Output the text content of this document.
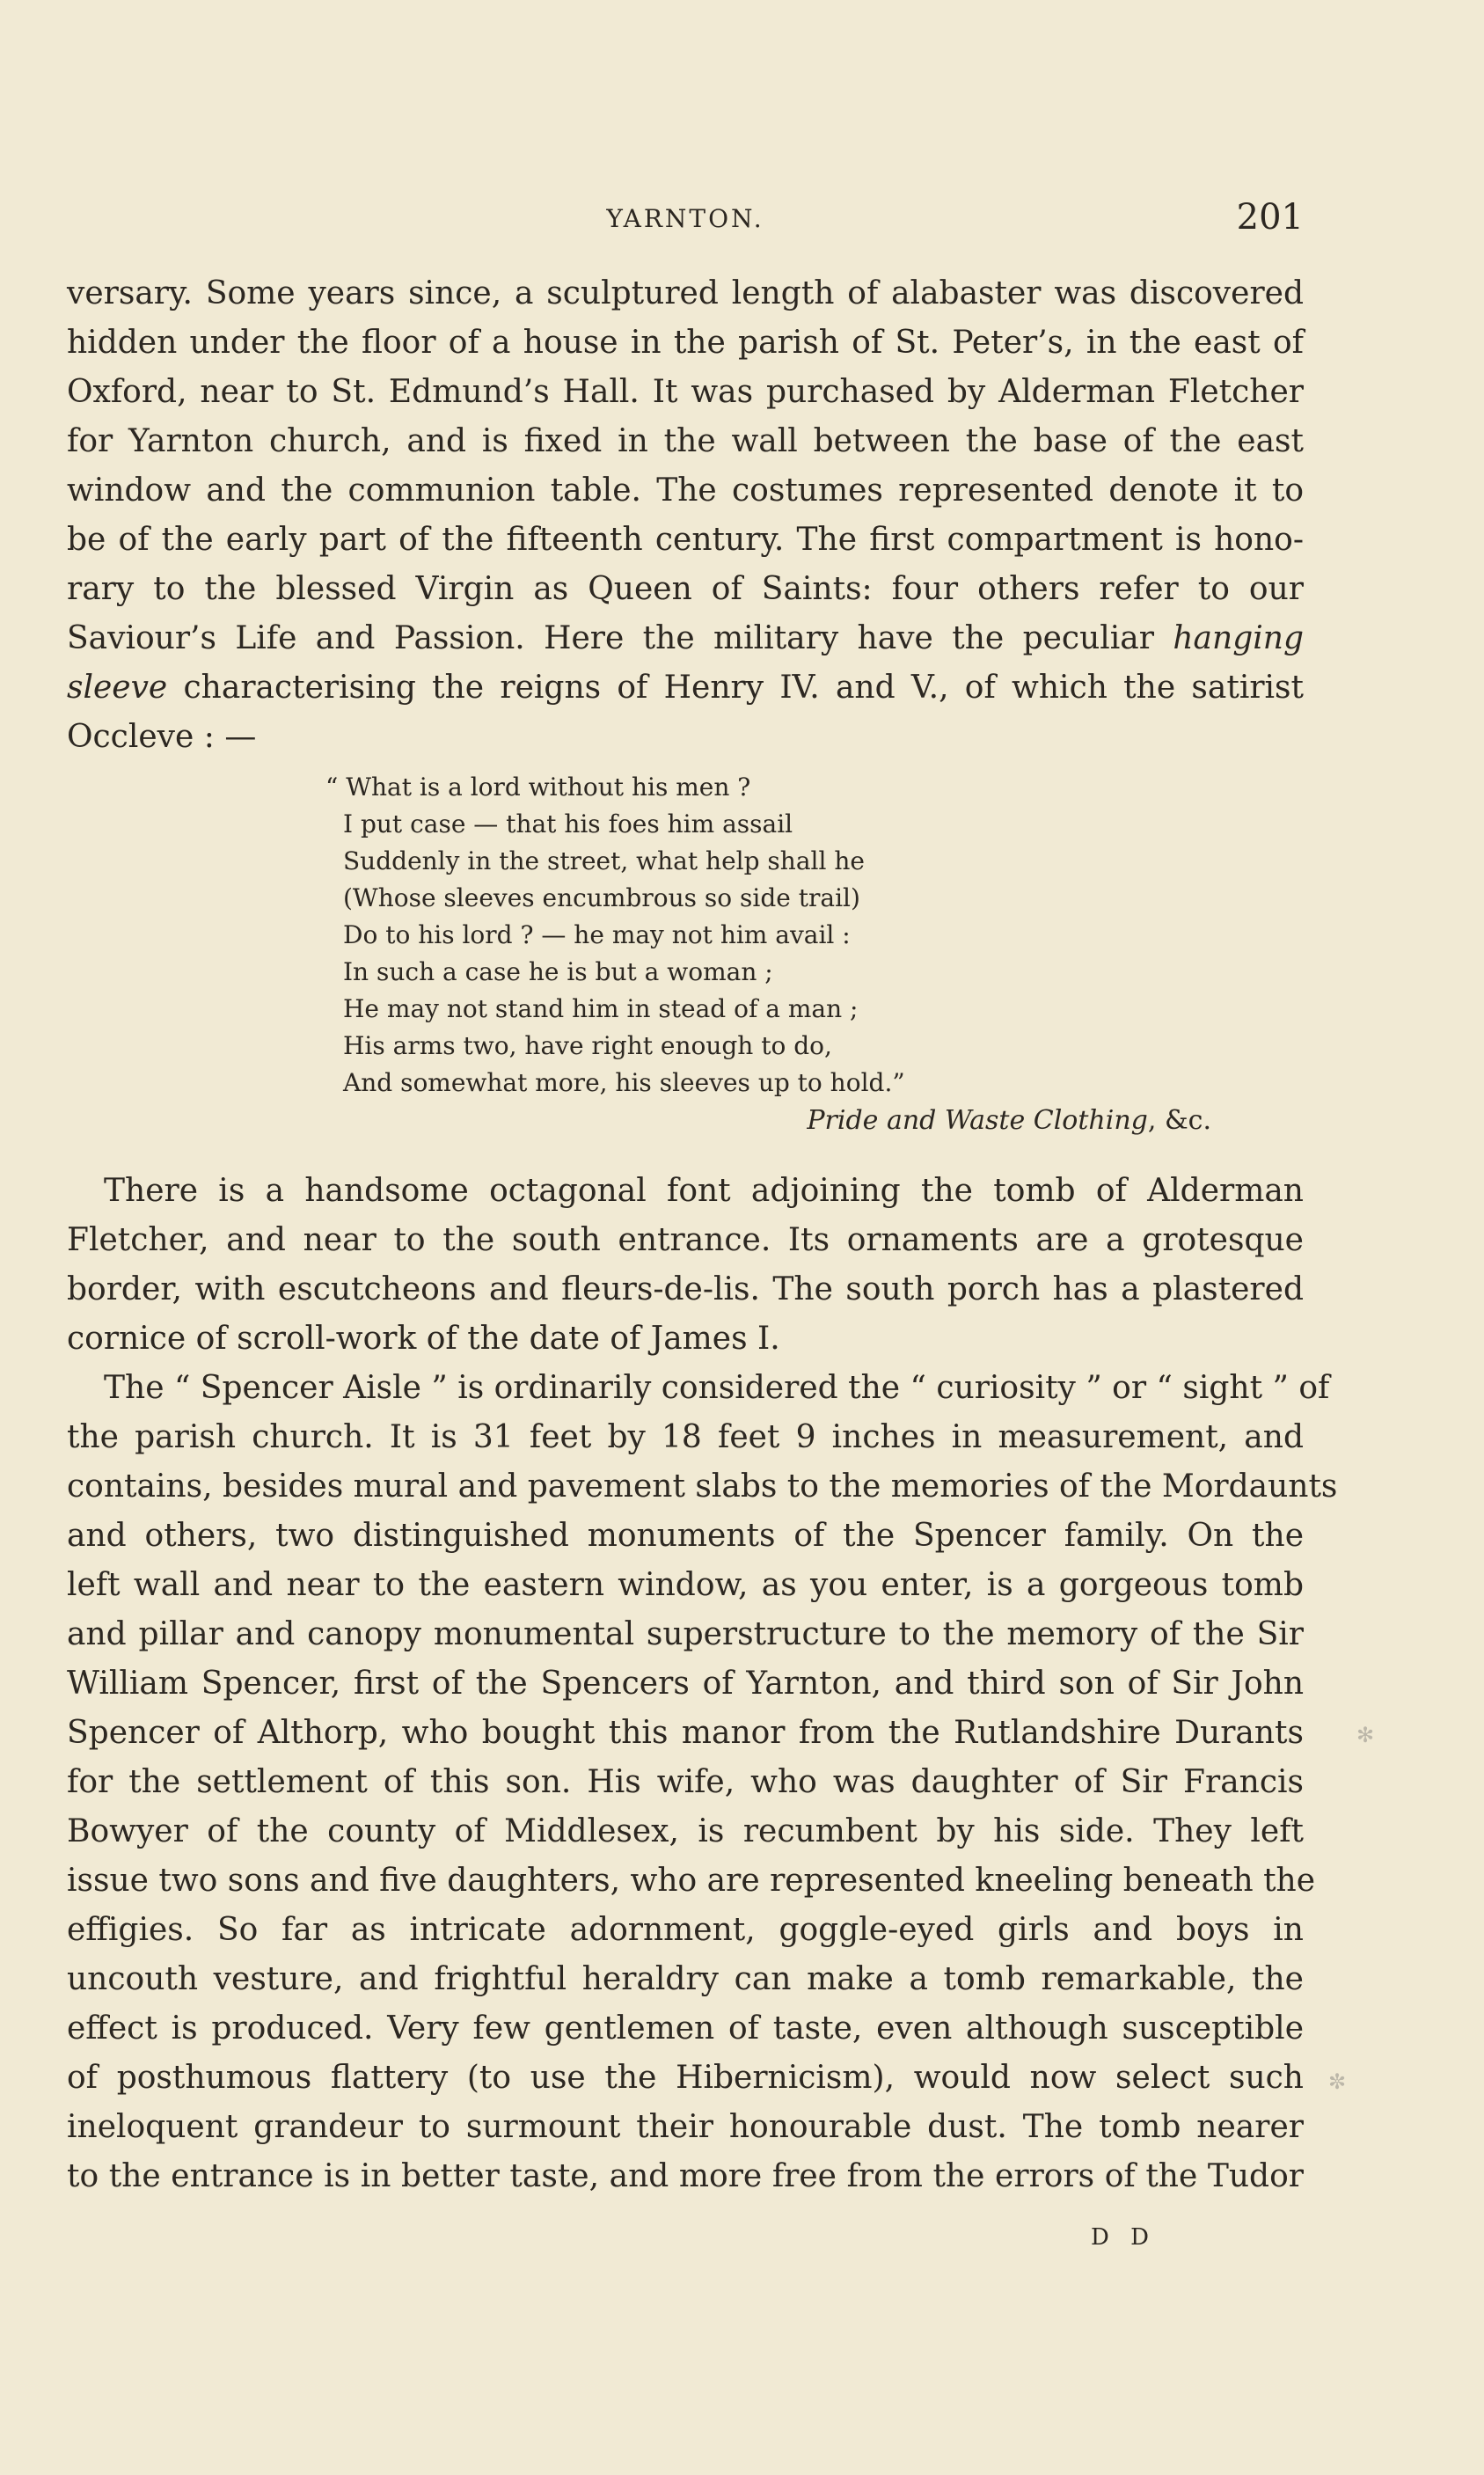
YARNTON.	201
versary. Some years since, a sculptured length of alabaster was discovered
hidden under the floor of a house in the parish of St. Peter’s, in the east of
Oxford, near to St. Edmund’s Hall. It was purchased by Alderman Fletcher
for Yarnton church, and is fixed in the wall between the base of the east
window and the communion table. The costumes represented denote it to
be of the early part of the fifteenth century. The first compartment is hono-
rary to the blessed Virgin as Queen of Saints: four others refer to our
Saviour’s Life and Passion. Here the military have the peculiar hanging
sleeve characterising the reigns of Henry IV. and V., of which the satirist
Occleve : —
“ What is a lord without his men ?
I put case — that his foes him assail
Suddenly in the street, what help shall he
(Whose sleeves encumbrous so side trail)
Do to his lord ? — he may not him avail :
In such a case he is but a woman ;
He may not stand him in stead of a man ;
His arms two, have right enough to do,
And somewhat more, his sleeves up to hold.”
Pride and Waste Clothing, &c.
There is a handsome octagonal font adjoining the tomb of Alderman
Fletcher, and near to the south entrance. Its ornaments are a grotesque
border, with escutcheons and fleurs-de-lis. The south porch has a plastered
cornice of scroll-work of the date of James I.
The “ Spencer Aisle ” is ordinarily considered the “ curiosity ” or “ sight ” of
the parish church. It is 31 feet by 18 feet 9 inches in measurement, and
contains, besides mural and pavement slabs to the memories of the Mordaunts
and others, two distinguished monuments of the Spencer family. On the
left wall and near to the eastern window, as you enter, is a gorgeous tomb
and pillar and canopy monumental superstructure to the memory of the Sir
William Spencer, first of the Spencers of Yarnton, and third son of Sir John
Spencer of Althorp, who bought this manor from the Rutlandshire Durants
for the settlement of this son. His wife, who was daughter of Sir Francis
Bowyer of the county of Middlesex, is recumbent by his side. They left
issue two sons and five daughters, who are represented kneeling beneath the
effigies. So far as intricate adornment, goggle-eyed girls and boys in
uncouth vesture, and frightful heraldry can make a tomb remarkable, the
effect is produced. Very few gentlemen of taste, even although susceptible
of posthumous flattery (to use the Hibernicism), would now select such
ineloquent grandeur to surmount their honourable dust. The tomb nearer
to the entrance is in better taste, and more free from the errors of the Tudor
D D
✻
✼
